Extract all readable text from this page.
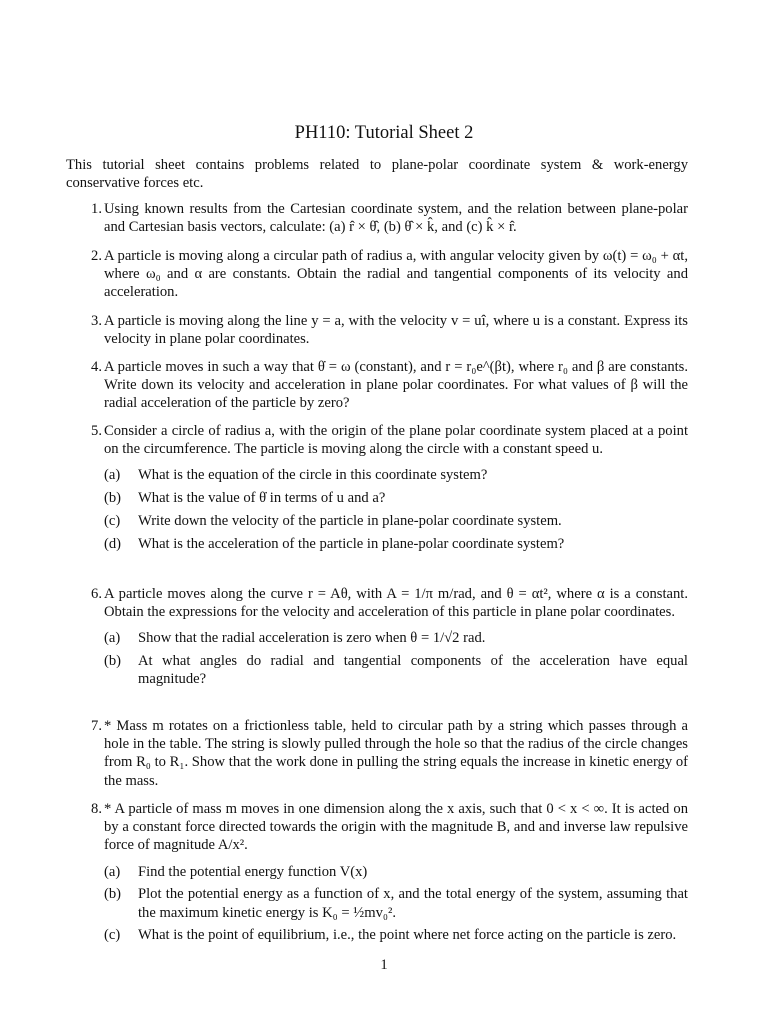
PH110: Tutorial Sheet 2
This tutorial sheet contains problems related to plane-polar coordinate system & work-energy conservative forces etc.
1. Using known results from the Cartesian coordinate system, and the relation between plane-polar and Cartesian basis vectors, calculate: (a) r̂ × θ̂, (b) θ̂ × k̂, and (c) k̂ × r̂.
2. A particle is moving along a circular path of radius a, with angular velocity given by ω(t) = ω₀ + αt, where ω₀ and α are constants. Obtain the radial and tangential components of its velocity and acceleration.
3. A particle is moving along the line y = a, with the velocity v = uî, where u is a constant. Express its velocity in plane polar coordinates.
4. A particle moves in such a way that θ̇ = ω (constant), and r = r₀e^(βt), where r₀ and β are constants. Write down its velocity and acceleration in plane polar coordinates. For what values of β will the radial acceleration of the particle by zero?
5. Consider a circle of radius a, with the origin of the plane polar coordinate system placed at a point on the circumference. The particle is moving along the circle with a constant speed u.
(a)	What is the equation of the circle in this coordinate system?
(b)	What is the value of θ̇ in terms of u and a?
(c)	Write down the velocity of the particle in plane-polar coordinate system.
(d)	What is the acceleration of the particle in plane-polar coordinate system?
6. A particle moves along the curve r = Aθ, with A = 1/π m/rad, and θ = αt², where α is a constant. Obtain the expressions for the velocity and acceleration of this particle in plane polar coordinates.
(a)	Show that the radial acceleration is zero when θ = 1/√2 rad.
(b)	At what angles do radial and tangential components of the acceleration have equal magnitude?
7. * Mass m rotates on a frictionless table, held to circular path by a string which passes through a hole in the table. The string is slowly pulled through the hole so that the radius of the circle changes from R₀ to R₁. Show that the work done in pulling the string equals the increase in kinetic energy of the mass.
8. * A particle of mass m moves in one dimension along the x axis, such that 0 < x < ∞. It is acted on by a constant force directed towards the origin with the magnitude B, and and inverse law repulsive force of magnitude A/x².
(a)	Find the potential energy function V(x)
(b)	Plot the potential energy as a function of x, and the total energy of the system, assuming that the maximum kinetic energy is K₀ = ½mv₀².
(c)	What is the point of equilibrium, i.e., the point where net force acting on the particle is zero.
1
